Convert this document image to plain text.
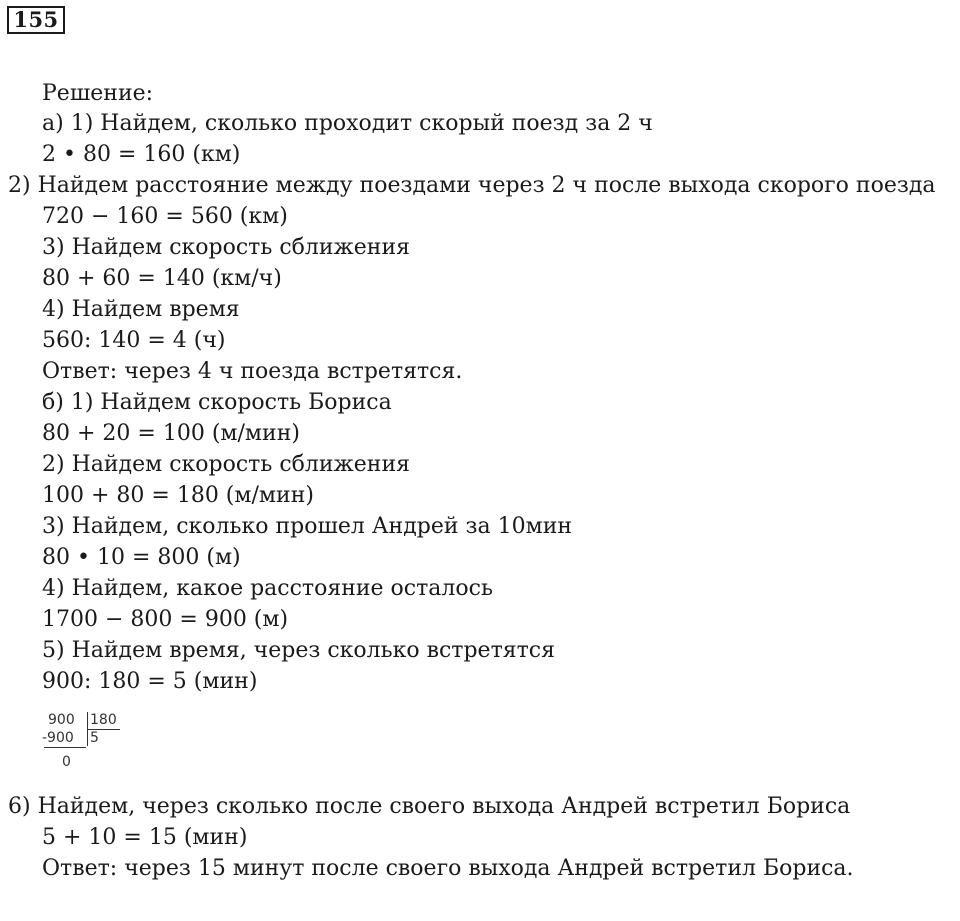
155
Решение:
а) 1) Найдем, сколько проходит скорый поезд за 2 ч
2 • 80 = 160 (км)
2) Найдем расстояние между поездами через 2 ч после выхода скорого поезда
720 − 160 = 560 (км)
3) Найдем скорость сближения
80 + 60 = 140 (км/ч)
4) Найдем время
560: 140 = 4 (ч)
Ответ: через 4 ч поезда встретятся.
б) 1) Найдем скорость Бориса
80 + 20 = 100 (м/мин)
2) Найдем скорость сближения
100 + 80 = 180 (м/мин)
3) Найдем, сколько прошел Андрей за 10мин
80 • 10 = 800 (м)
4) Найдем, какое расстояние осталось
1700 − 800 = 900 (м)
5) Найдем время, через сколько встретятся
900: 180 = 5 (мин)
900 180
-900 5
0
6) Найдем, через сколько после своего выхода Андрей встретил Бориса
5 + 10 = 15 (мин)
Ответ: через 15 минут после своего выхода Андрей встретил Бориса.
